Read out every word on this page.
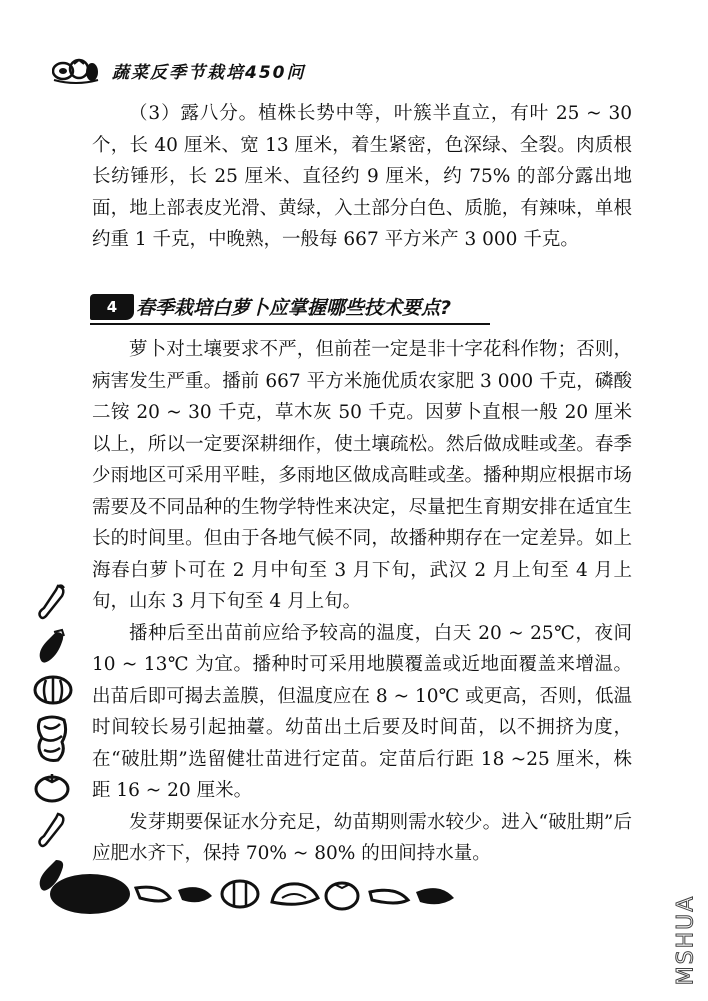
蔬菜反季节栽培450问

（3）露八分。植株长势中等，叶簇半直立，有叶 25 ~ 30 个，长 40 厘米、宽 13 厘米，着生紧密，色深绿、全裂。肉质根长纺锤形，长 25 厘米、直径约 9 厘米，约 75% 的部分露出地面，地上部表皮光滑、黄绿，入土部分白色、质脆，有辣味，单根约重 1 千克，中晚熟，一般每 667 平方米产 3 000 千克。

4 春季栽培白萝卜应掌握哪些技术要点?

萝卜对土壤要求不严，但前茬一定是非十字花科作物；否则，病害发生严重。播前 667 平方米施优质农家肥 3 000 千克，磷酸二铵 20 ~ 30 千克，草木灰 50 千克。因萝卜直根一般 20 厘米以上，所以一定要深耕细作，使土壤疏松。然后做成畦或垄。春季少雨地区可采用平畦，多雨地区做成高畦或垄。播种期应根据市场需要及不同品种的生物学特性来决定，尽量把生育期安排在适宜生长的时间里。但由于各地气候不同，故播种期存在一定差异。如上海春白萝卜可在 2 月中旬至 3 月下旬，武汉 2 月上旬至 4 月上旬，山东 3 月下旬至 4 月上旬。

播种后至出苗前应给予较高的温度，白天 20 ~ 25℃，夜间 10 ~ 13℃ 为宜。播种时可采用地膜覆盖或近地面覆盖来增温。出苗后即可揭去盖膜，但温度应在 8 ~ 10℃ 或更高，否则，低温时间较长易引起抽薹。幼苗出土后要及时间苗，以不拥挤为度，在“破肚期”选留健壮苗进行定苗。定苗后行距 18 ~25 厘米，株距 16 ~ 20 厘米。

发芽期要保证水分充足，幼苗期则需水较少。进入“破肚期”后应肥水齐下，保持 70% ~ 80% 的田间持水量。

MSHUA
